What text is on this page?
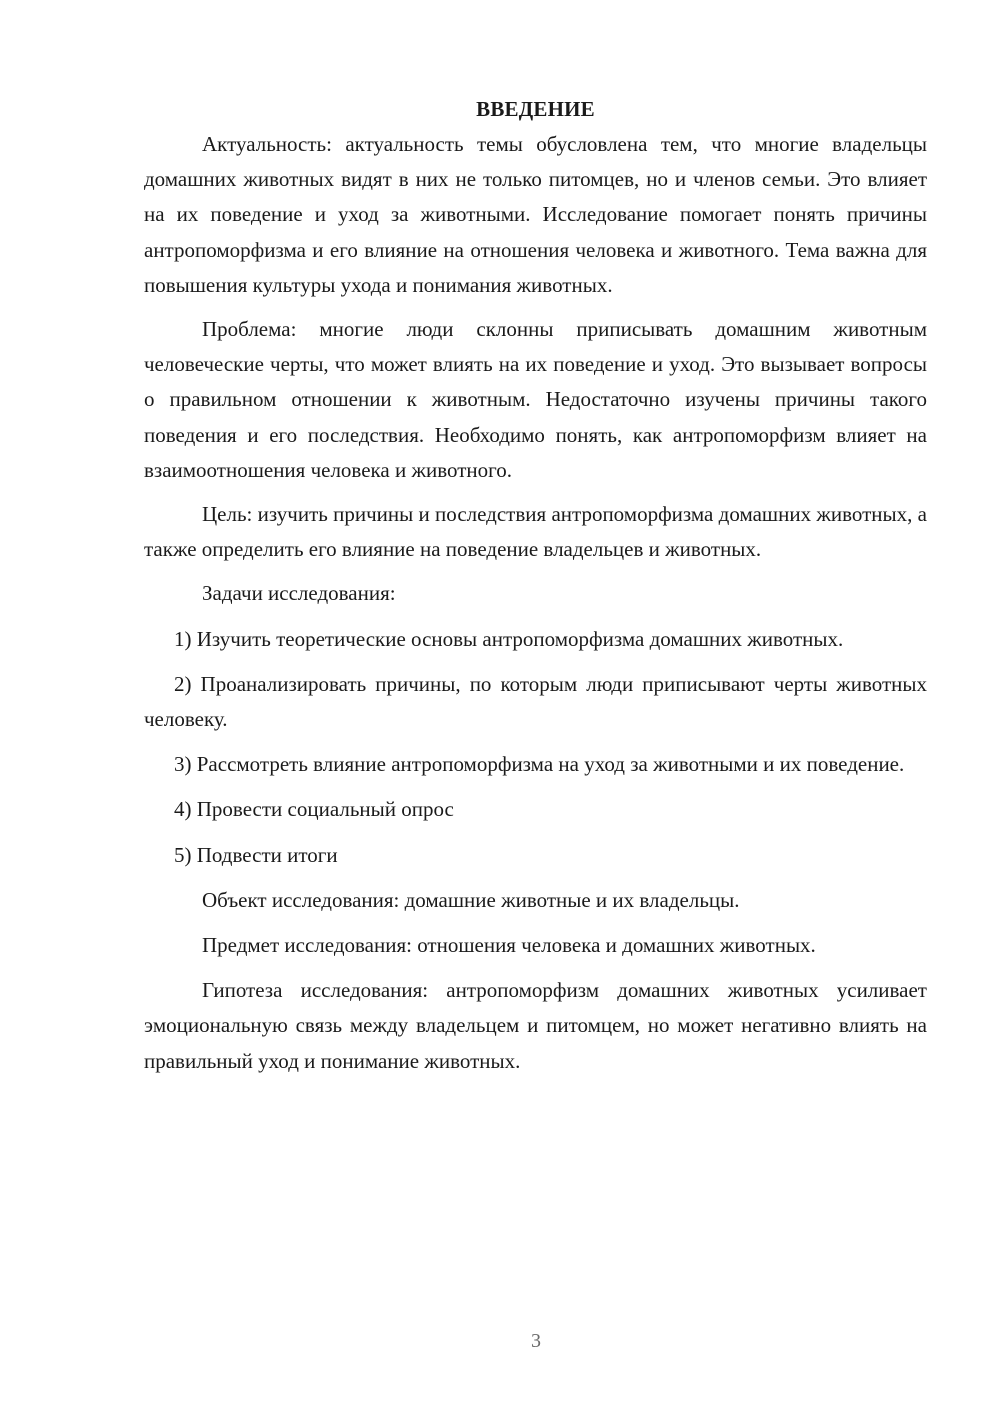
ВВЕДЕНИЕ

Актуальность: актуальность темы обусловлена тем, что многие владельцы домашних животных видят в них не только питомцев, но и членов семьи. Это влияет на их поведение и уход за животными. Исследование помогает понять причины антропоморфизма и его влияние на отношения человека и животного. Тема важна для повышения культуры ухода и понимания животных.

Проблема: многие люди склонны приписывать домашним животным человеческие черты, что может влиять на их поведение и уход. Это вызывает вопросы о правильном отношении к животным. Недостаточно изучены причины такого поведения и его последствия. Необходимо понять, как антропоморфизм влияет на взаимоотношения человека и животного.

Цель: изучить причины и последствия антропоморфизма домашних животных, а также определить его влияние на поведение владельцев и животных.

Задачи исследования:

1) Изучить теоретические основы антропоморфизма домашних животных.

2) Проанализировать причины, по которым люди приписывают черты животных человеку.

3) Рассмотреть влияние антропоморфизма на уход за животными и их поведение.

4) Провести социальный опрос

5) Подвести итоги

Объект исследования: домашние животные и их владельцы.

Предмет исследования: отношения человека и домашних животных.

Гипотеза исследования: антропоморфизм домашних животных усиливает эмоциональную связь между владельцем и питомцем, но может негативно влиять на правильный уход и понимание животных.

3
